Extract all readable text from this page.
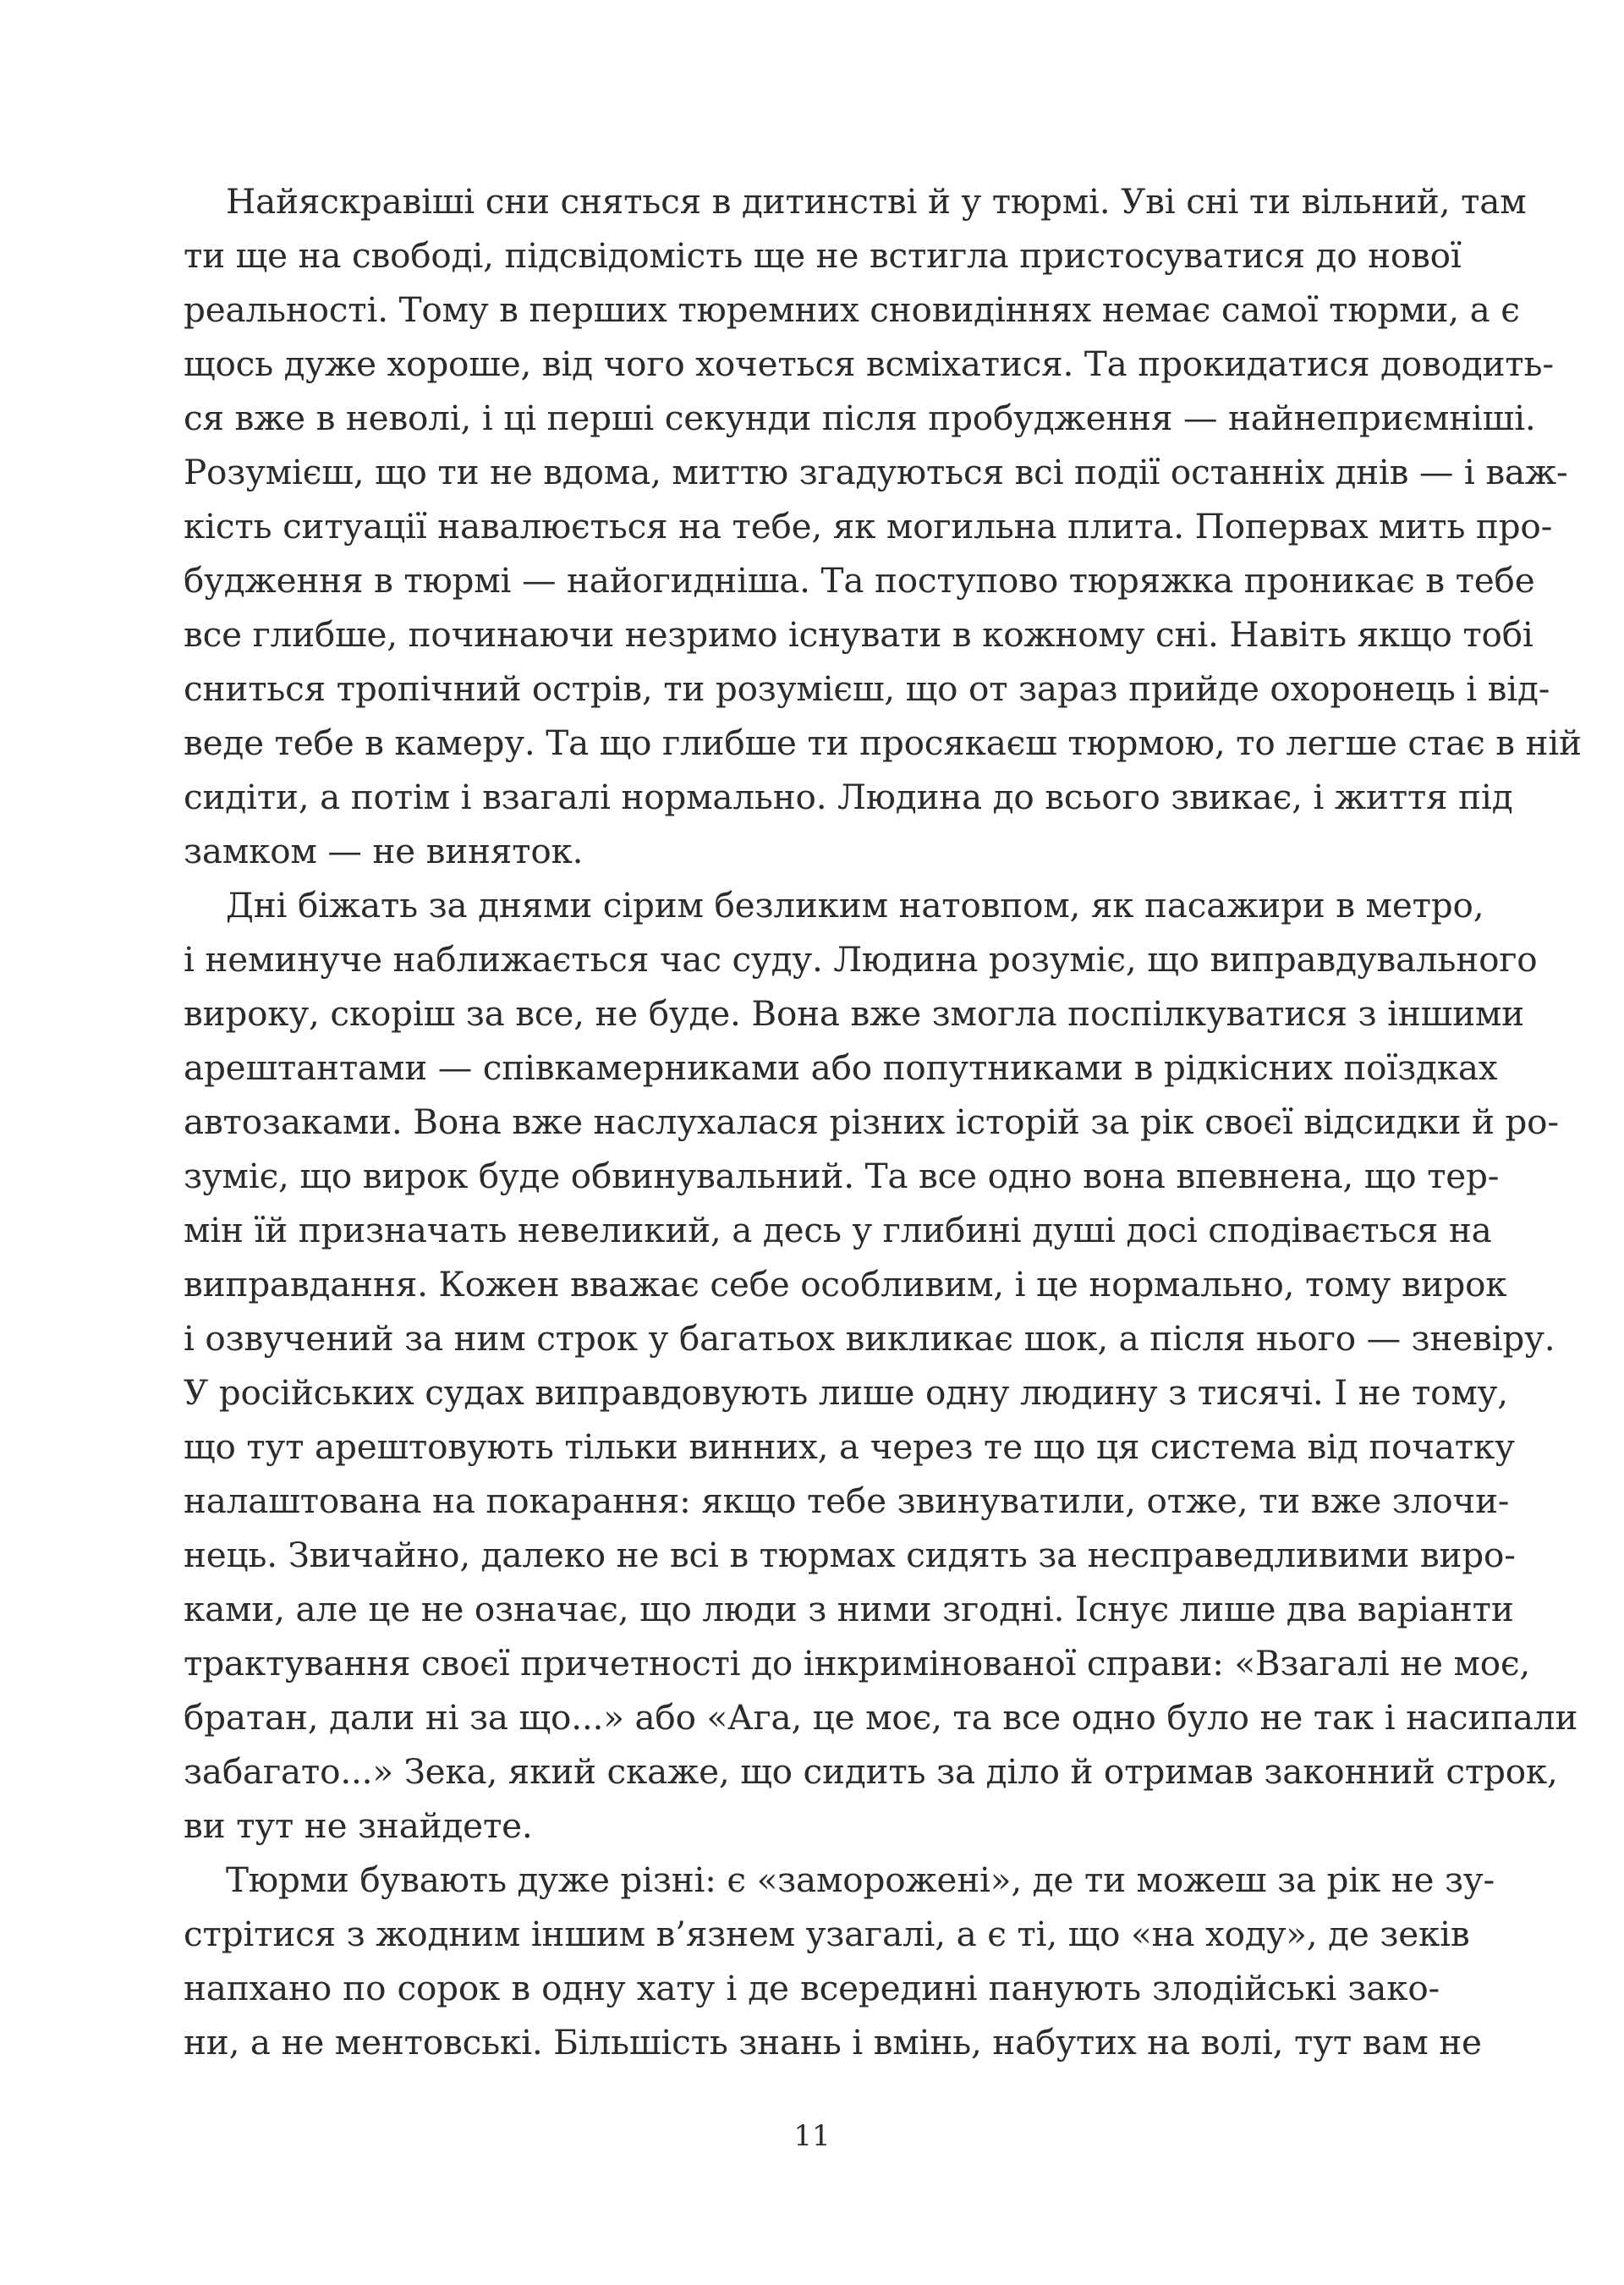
Найяскравіші сни сняться в дитинстві й у тюрмі. Уві сні ти вільний, там
ти ще на свободі, підсвідомість ще не встигла пристосуватися до нової
реальності. Тому в перших тюремних сновидіннях немає самої тюрми, а є
щось дуже хороше, від чого хочеться всміхатися. Та прокидатися доводить-
ся вже в неволі, і ці перші секунди після пробудження — найнеприємніші.
Розумієш, що ти не вдома, миттю згадуються всі події останніх днів — і важ-
кість ситуації навалюється на тебе, як могильна плита. Поперваx мить про-
будження в тюрмі — найогидніша. Та поступово тюряжка проникає в тебе
все глибше, починаючи незримо існувати в кожному сні. Навіть якщо тобі
сниться тропічний острів, ти розумієш, що от зараз прийде охоронець і від-
веде тебе в камеру. Та що глибше ти просякаєш тюрмою, то легше стає в ній
сидіти, а потім і взагалі нормально. Людина до всього звикає, і життя під
замком — не виняток.
Дні біжать за днями сірим безликим натовпом, як пасажири в метро,
і неминуче наближається час суду. Людина розуміє, що виправдувального
вироку, скоріш за все, не буде. Вона вже змогла поспілкуватися з іншими
арештантами — співкамерниками або попутниками в рідкісних поїздках
автозаками. Вона вже наслухалася різних історій за рік своєї відсидки й ро-
зуміє, що вирок буде обвинувальний. Та все одно вона впевнена, що тер-
мін їй призначать невеликий, а десь у глибині душі досі сподівається на
виправдання. Кожен вважає себе особливим, і це нормально, тому вирок
і озвучений за ним строк у багатьох викликає шок, а після нього — зневіру.
У російських судах виправдовують лише одну людину з тисячі. І не тому,
що тут арештовують тільки винних, а через те що ця система від початку
налаштована на покарання: якщо тебе звинуватили, отже, ти вже злочи-
нець. Звичайно, далеко не всі в тюрмах сидять за несправедливими виро-
ками, але це не означає, що люди з ними згодні. Існує лише два варіанти
трактування своєї причетності до інкримінованої справи: «Взагалі не моє,
братан, дали ні за що...» або «Ага, це моє, та все одно було не так і насипали
забагато...» Зека, який скаже, що сидить за діло й отримав законний строк,
ви тут не знайдете.
Тюрми бувають дуже різні: є «заморожені», де ти можеш за рік не зу-
стрітися з жодним іншим в’язнем узагалі, а є ті, що «на ходу», де зеків
напхано по сорок в одну хату і де всередині панують злодійські зако-
ни, а не ментовські. Більшість знань і вмінь, набутих на волі, тут вам не
11
